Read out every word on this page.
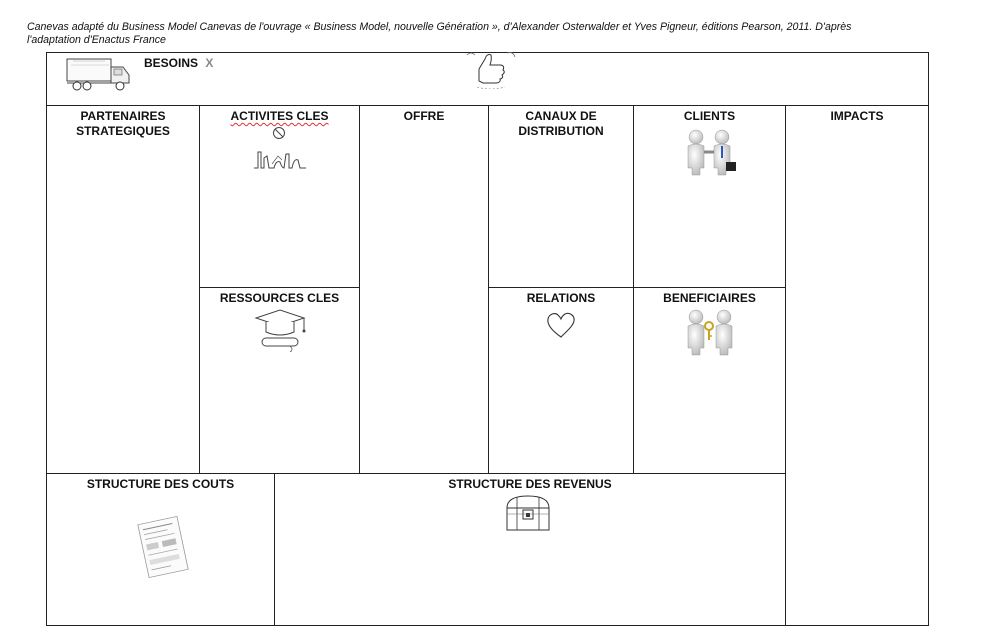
Canevas adapté du Business Model Canevas de l'ouvrage « Business Model, nouvelle Génération », d'Alexander Osterwalder et Yves Pigneur, éditions Pearson, 2011. D'après
l'adaptation d'Enactus France
BESOINS X
PARTENAIRES
STRATEGIQUES
ACTIVITES CLES
RESSOURCES CLES
OFFRE	CANAUX DE
DISTRIBUTION
RELATIONS
CLIENTS
BENEFICIAIRES
IMPACTS
STRUCTURE DES COUTS	STRUCTURE DES REVENUS
